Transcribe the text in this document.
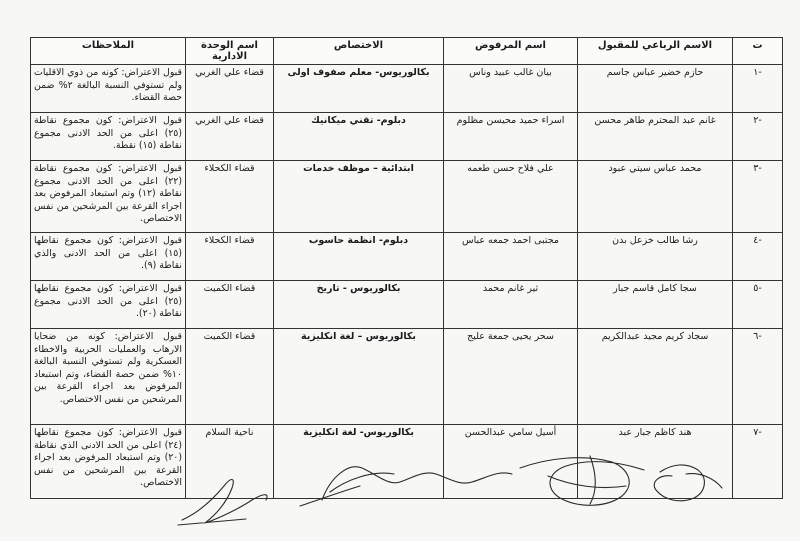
ت	الاسم الرباعي للمقبول	اسم المرفوض	الاختصاص	اسم الوحدة الادارية	الملاحظات
-١	حازم خضير عباس جاسم	بيان غالب عبيد وناس	بكالوريوس- معلم صفوف اولى	قضاء علي الغربي	قبول الاعتراض: كونه من ذوي الاقليات ولم تستوفي النسبة البالغة ٢% ضمن حصة القضاء.
-٢	غانم عبد المحترم طاهر محسن	اسراء حميد محيسن مظلوم	دبلوم- تقني ميكانيك	قضاء علي الغربي	قبول الاعتراض: كون مجموع نقاطة (٢٥) اعلى من الحد الادنى مجموع نقاطة (١٥) نقطة.
-٣	محمد عباس سيتي عبود	علي فلاح حسن طعمه	ابتدائية – موظف خدمات	قضاء الكحلاء	قبول الاعتراض: كون مجموع نقاطة (٢٢) اعلى من الحد الادنى مجموع نقاطة (١٢) وتم استبعاد المرفوض بعد اجراء القرعة بين المرشحين من نفس الاختصاص.
-٤	رشا طالب خزعل بدن	مجتبى احمد جمعه عباس	دبلوم- انظمة حاسوب	قضاء الكحلاء	قبول الاعتراض: كون مجموع نقاطها (١٥) اعلى من الحد الادنى والذي نقاطة (٩).
-٥	سجا كامل قاسم جبار	ثير غانم محمد	بكالوريوس - تاريخ	قضاء الكميت	قبول الاعتراض: كون مجموع نقاطها (٢٥) اعلى من الحد الادنى مجموع نقاطة (٢٠).
-٦	سجاد كريم مجيد عبدالكريم	سحر يحيى جمعة عليج	بكالوريوس – لغة انكليزية	قضاء الكميت	قبول الاعتراض: كونه من ضحايا الارهاب والعمليات الحربية والاخطاء العسكرية ولم تستوفي النسبة البالغة ١٠% ضمن حصة القضاء، وتم استبعاد المرفوض بعد اجراء القرعة بين المرشحين من نفس الاختصاص.
-٧	هند كاظم جبار عبد	أسيل سامي عبدالحسن	بكالوريوس- لغة انكليزية	ناحية السلام	قبول الاعتراض: كون مجموع نقاطها (٢٤) اعلى من الحد الادنى الذي نقاطة (٢٠) وتم استبعاد المرفوض بعد اجراء القرعة بين المرشحين من نفس الاختصاص.
